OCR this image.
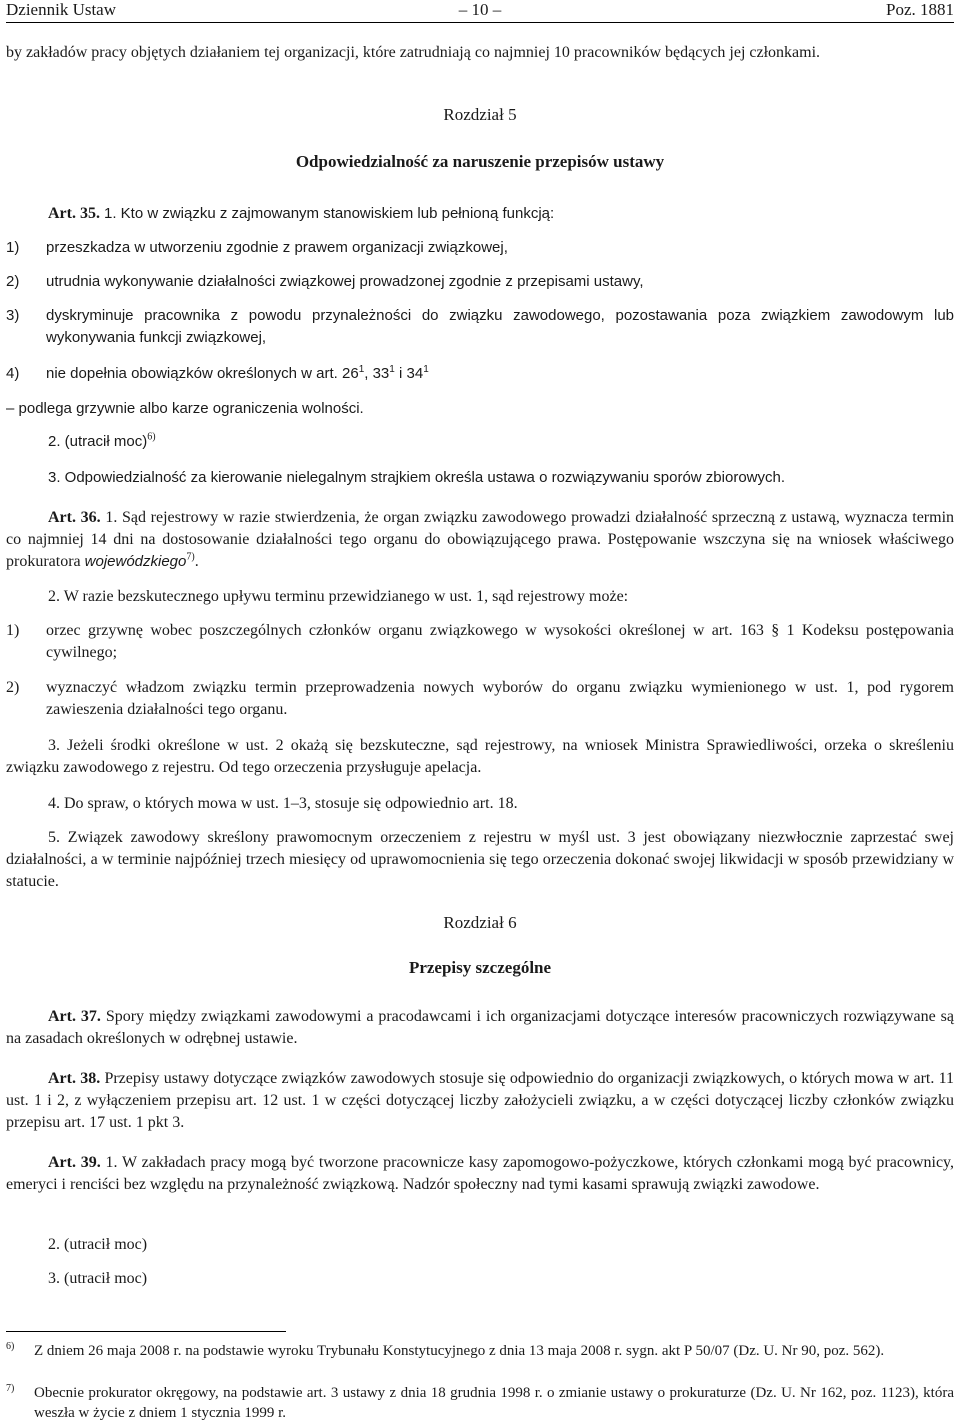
Dziennik Ustaw	– 10 –	Poz. 1881
by zakładów pracy objętych działaniem tej organizacji, które zatrudniają co najmniej 10 pracowników będących jej członkami.
Rozdział 5
Odpowiedzialność za naruszenie przepisów ustawy
Art. 35. 1. Kto w związku z zajmowanym stanowiskiem lub pełnioną funkcją:
1) przeszkadza w utworzeniu zgodnie z prawem organizacji związkowej,
2) utrudnia wykonywanie działalności związkowej prowadzonej zgodnie z przepisami ustawy,
3) dyskryminuje pracownika z powodu przynależności do związku zawodowego, pozostawania poza związkiem zawodowym lub wykonywania funkcji związkowej,
4) nie dopełnia obowiązków określonych w art. $26^1$, $33^1$ i $34^1$
– podlega grzywnie albo karze ograniczenia wolności.
2. (utracił moc)$^{6)}$
3. Odpowiedzialność za kierowanie nielegalnym strajkiem określa ustawa o rozwiązywaniu sporów zbiorowych.
Art. 36. 1. Sąd rejestrowy w razie stwierdzenia, że organ związku zawodowego prowadzi działalność sprzeczną z ustawą, wyznacza termin co najmniej 14 dni na dostosowanie działalności tego organu do obowiązującego prawa. Postępowanie wszczyna się na wniosek właściwego prokuratora wojewódzkiego$^{7)}$.
2. W razie bezskutecznego upływu terminu przewidzianego w ust. 1, sąd rejestrowy może:
1) orzec grzywnę wobec poszczególnych członków organu związkowego w wysokości określonej w art. 163 § 1 Kodeksu postępowania cywilnego;
2) wyznaczyć władzom związku termin przeprowadzenia nowych wyborów do organu związku wymienionego w ust. 1, pod rygorem zawieszenia działalności tego organu.
3. Jeżeli środki określone w ust. 2 okażą się bezskuteczne, sąd rejestrowy, na wniosek Ministra Sprawiedliwości, orzeka o skreśleniu związku zawodowego z rejestru. Od tego orzeczenia przysługuje apelacja.
4. Do spraw, o których mowa w ust. 1–3, stosuje się odpowiednio art. 18.
5. Związek zawodowy skreślony prawomocnym orzeczeniem z rejestru w myśl ust. 3 jest obowiązany niezwłocznie zaprzestać swej działalności, a w terminie najpóźniej trzech miesięcy od uprawomocnienia się tego orzeczenia dokonać swojej likwidacji w sposób przewidziany w statucie.
Rozdział 6
Przepisy szczególne
Art. 37. Spory między związkami zawodowymi a pracodawcami i ich organizacjami dotyczące interesów pracowniczych rozwiązywane są na zasadach określonych w odrębnej ustawie.
Art. 38. Przepisy ustawy dotyczące związków zawodowych stosuje się odpowiednio do organizacji związkowych, o których mowa w art. 11 ust. 1 i 2, z wyłączeniem przepisu art. 12 ust. 1 w części dotyczącej liczby założycieli związku, a w części dotyczącej liczby członków związku przepisu art. 17 ust. 1 pkt 3.
Art. 39. 1. W zakładach pracy mogą być tworzone pracownicze kasy zapomogowo-pożyczkowe, których członkami mogą być pracownicy, emeryci i renciści bez względu na przynależność związkową. Nadzór społeczny nad tymi kasami sprawują związki zawodowe.
2. (utracił moc)
3. (utracił moc)
6) Z dniem 26 maja 2008 r. na podstawie wyroku Trybunału Konstytucyjnego z dnia 13 maja 2008 r. sygn. akt P 50/07 (Dz. U. Nr 90, poz. 562).
7) Obecnie prokurator okręgowy, na podstawie art. 3 ustawy z dnia 18 grudnia 1998 r. o zmianie ustawy o prokuraturze (Dz. U. Nr 162, poz. 1123), która weszła w życie z dniem 1 stycznia 1999 r.
